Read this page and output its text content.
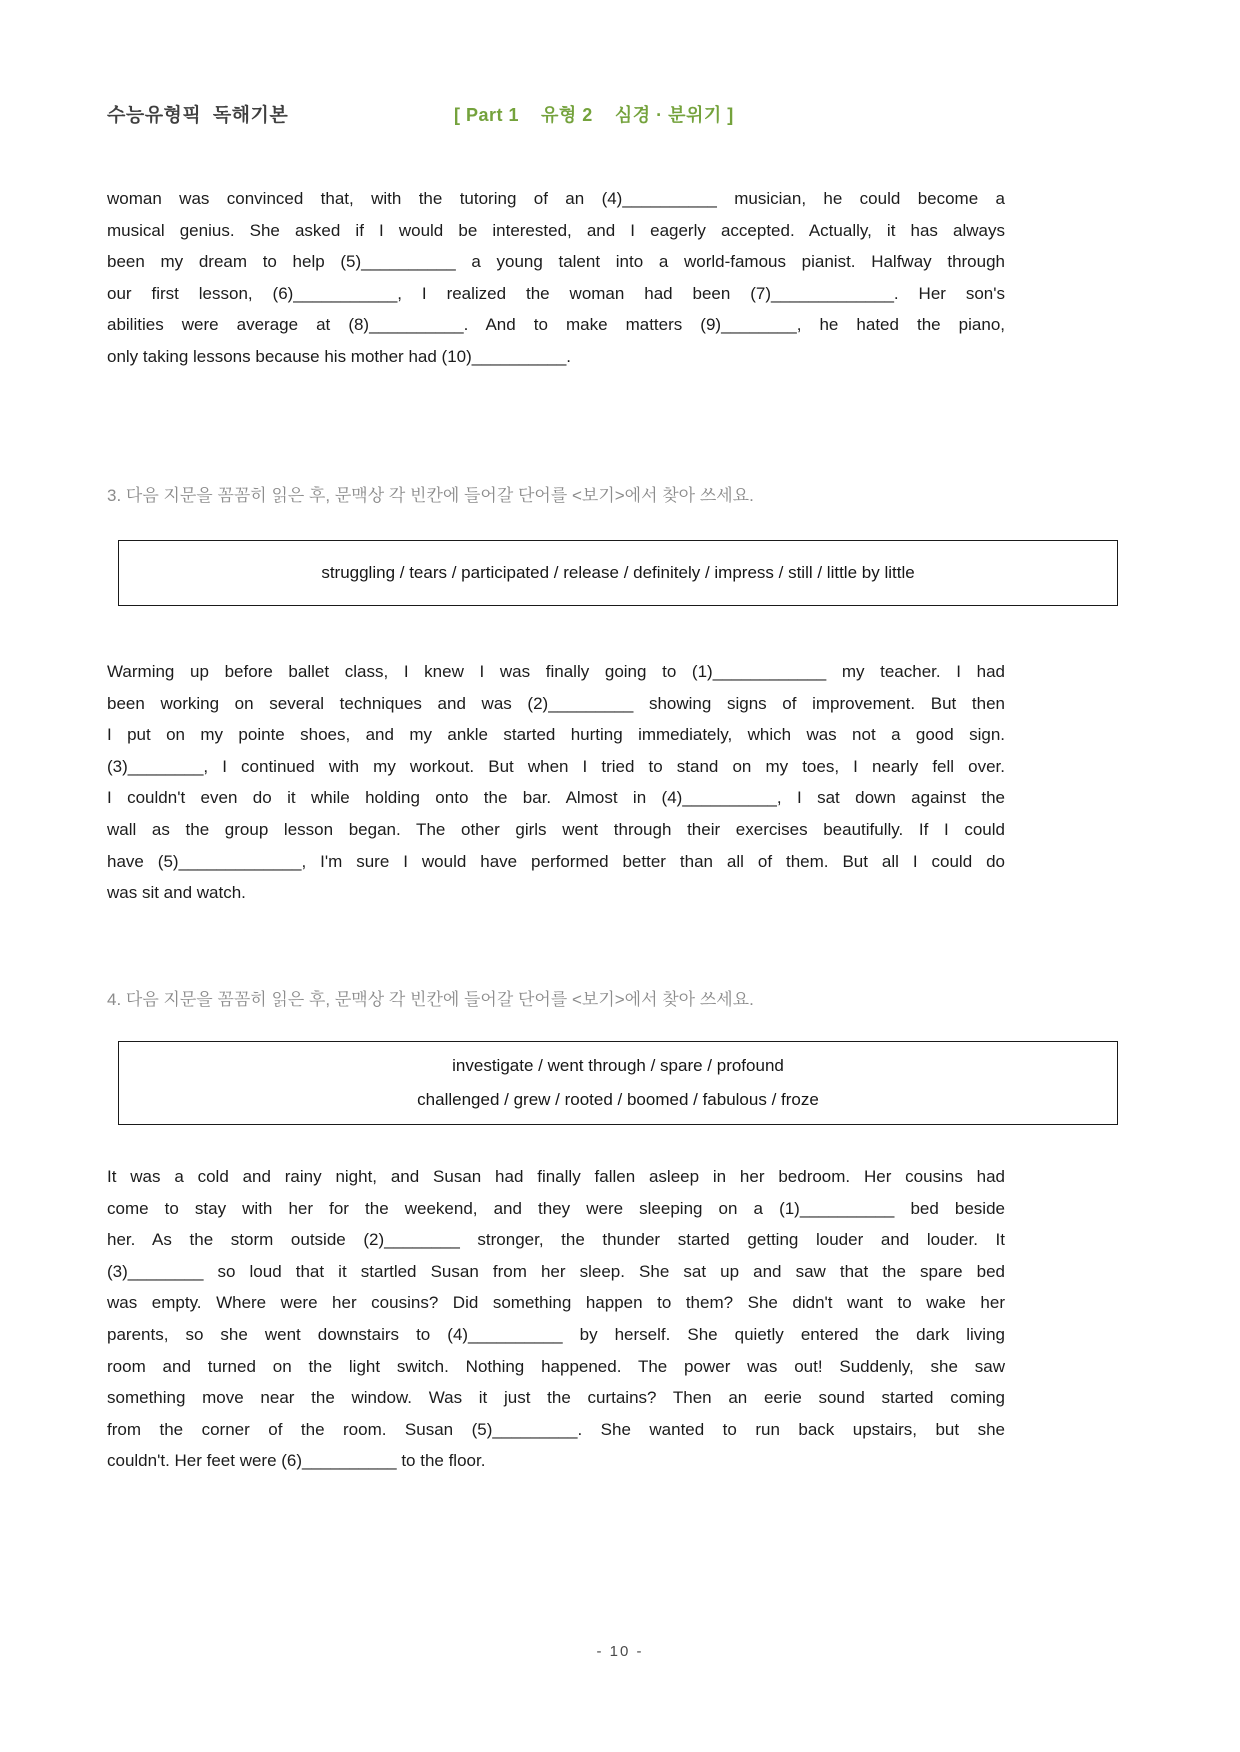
수능유형픽  독해기본	[ Part 1    유형 2    심경 · 분위기 ]
woman was convinced that, with the tutoring of an (4)__________ musician, he could become a
musical genius. She asked if I would be interested, and I eagerly accepted. Actually, it has always
been my dream to help (5)__________ a young talent into a world-famous pianist. Halfway through
our first lesson, (6)___________, I realized the woman had been (7)_____________. Her son's
abilities were average at (8)__________. And to make matters (9)________, he hated the piano,
only taking lessons because his mother had (10)__________.
3. 다음 지문을 꼼꼼히 읽은 후, 문맥상 각 빈칸에 들어갈 단어를 <보기>에서 찾아 쓰세요.
struggling / tears / participated / release / definitely / impress / still / little by little
Warming up before ballet class, I knew I was finally going to (1)____________ my teacher. I had
been working on several techniques and was (2)_________ showing signs of improvement. But then
I put on my pointe shoes, and my ankle started hurting immediately, which was not a good sign.
(3)________, I continued with my workout. But when I tried to stand on my toes, I nearly fell over.
I couldn't even do it while holding onto the bar. Almost in (4)__________, I sat down against the
wall as the group lesson began. The other girls went through their exercises beautifully. If I could
have (5)_____________, I'm sure I would have performed better than all of them. But all I could do
was sit and watch.
4. 다음 지문을 꼼꼼히 읽은 후, 문맥상 각 빈칸에 들어갈 단어를 <보기>에서 찾아 쓰세요.
investigate / went through / spare / profound
challenged / grew / rooted / boomed / fabulous / froze
It was a cold and rainy night, and Susan had finally fallen asleep in her bedroom. Her cousins had
come to stay with her for the weekend, and they were sleeping on a (1)__________ bed beside
her. As the storm outside (2)________ stronger, the thunder started getting louder and louder. It
(3)________ so loud that it startled Susan from her sleep. She sat up and saw that the spare bed
was empty. Where were her cousins? Did something happen to them? She didn't want to wake her
parents, so she went downstairs to (4)__________ by herself. She quietly entered the dark living
room and turned on the light switch. Nothing happened. The power was out! Suddenly, she saw
something move near the window. Was it just the curtains? Then an eerie sound started coming
from the corner of the room. Susan (5)_________. She wanted to run back upstairs, but she
couldn't. Her feet were (6)__________ to the floor.
- 10 -
